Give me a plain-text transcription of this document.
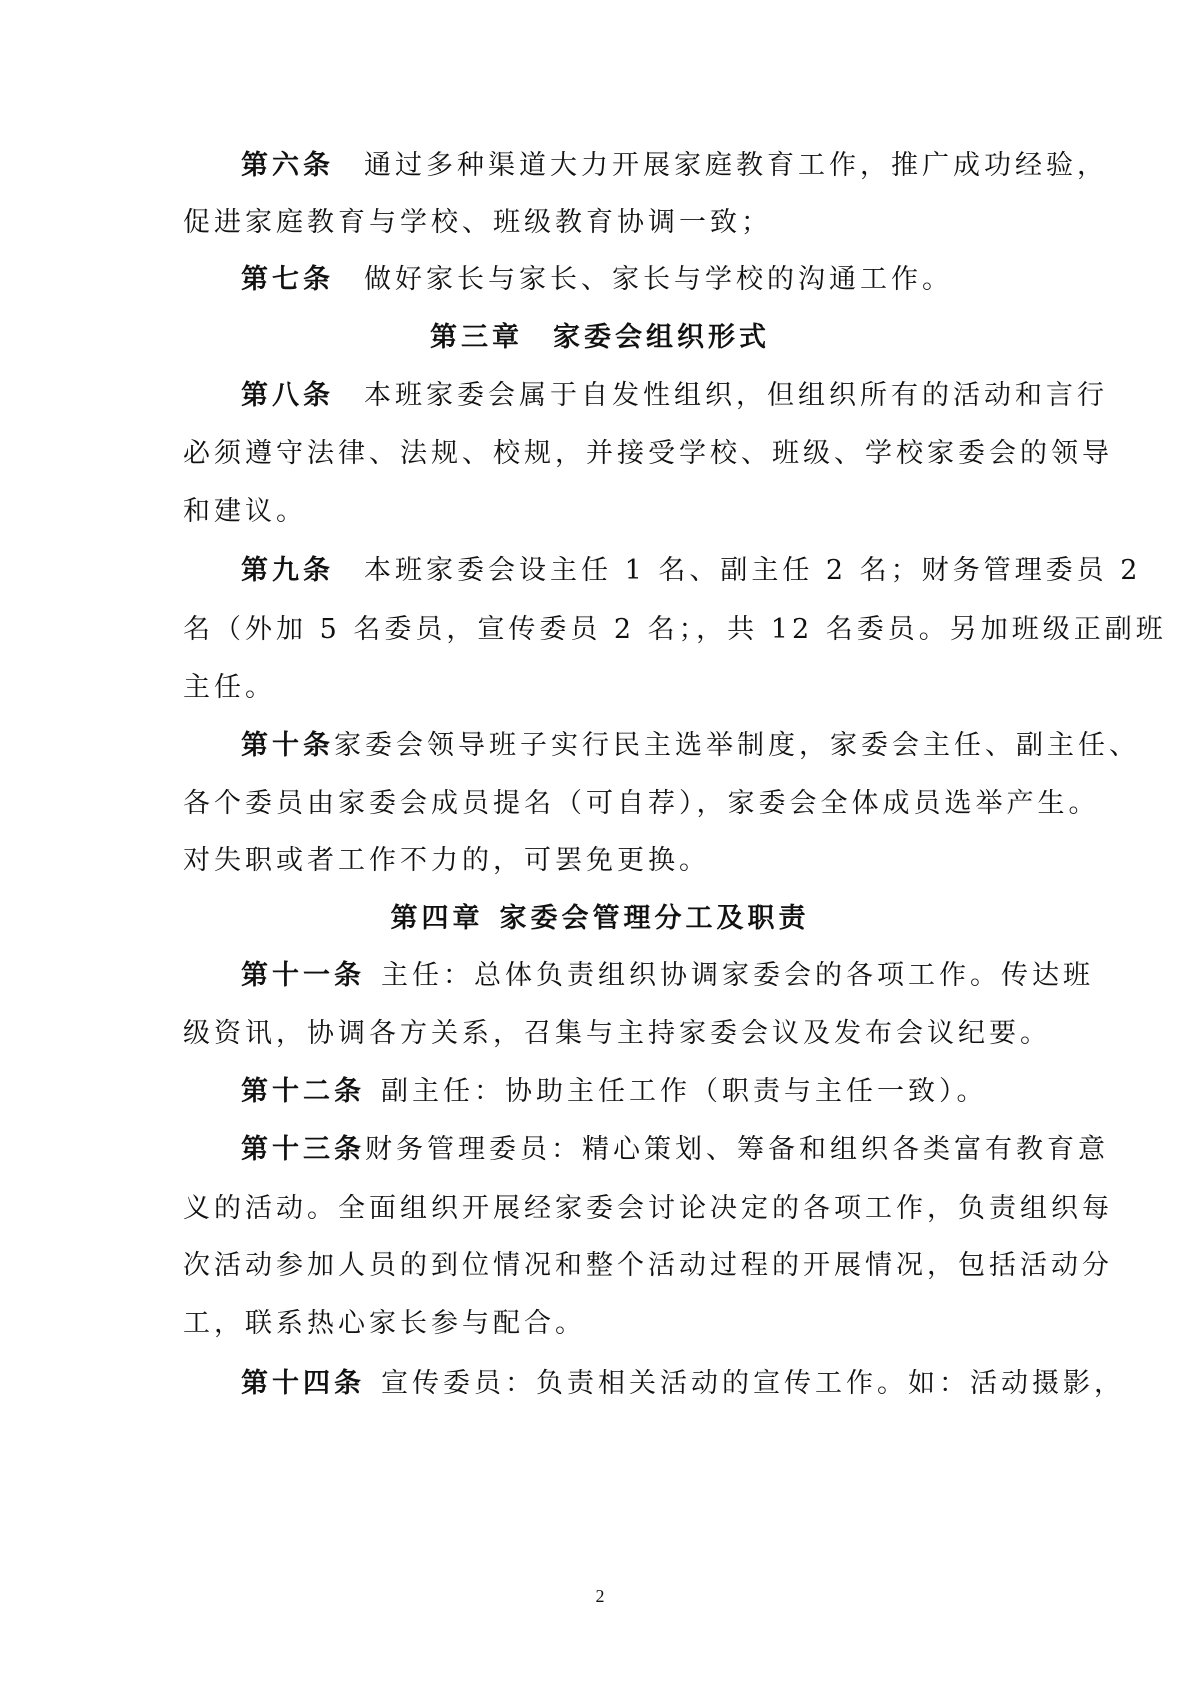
第六条 通过多种渠道大力开展家庭教育工作，推广成功经验，
促进家庭教育与学校、班级教育协调一致；
第七条 做好家长与家长、家长与学校的沟通工作。
第三章 家委会组织形式
第八条 本班家委会属于自发性组织，但组织所有的活动和言行
必须遵守法律、法规、校规，并接受学校、班级、学校家委会的领导
和建议。
第九条 本班家委会设主任 1 名、副主任 2 名；财务管理委员 2
名（外加 5 名委员，宣传委员 2 名；，共 12 名委员。另加班级正副班
主任。
第十条家委会领导班子实行民主选举制度，家委会主任、副主任、
各个委员由家委会成员提名（可自荐），家委会全体成员选举产生。
对失职或者工作不力的，可罢免更换。
第四章 家委会管理分工及职责
第十一条 主任：总体负责组织协调家委会的各项工作。传达班
级资讯，协调各方关系，召集与主持家委会议及发布会议纪要。
第十二条 副主任：协助主任工作（职责与主任一致）。
第十三条财务管理委员：精心策划、筹备和组织各类富有教育意
义的活动。全面组织开展经家委会讨论决定的各项工作，负责组织每
次活动参加人员的到位情况和整个活动过程的开展情况，包括活动分
工，联系热心家长参与配合。
第十四条 宣传委员：负责相关活动的宣传工作。如：活动摄影，
2
